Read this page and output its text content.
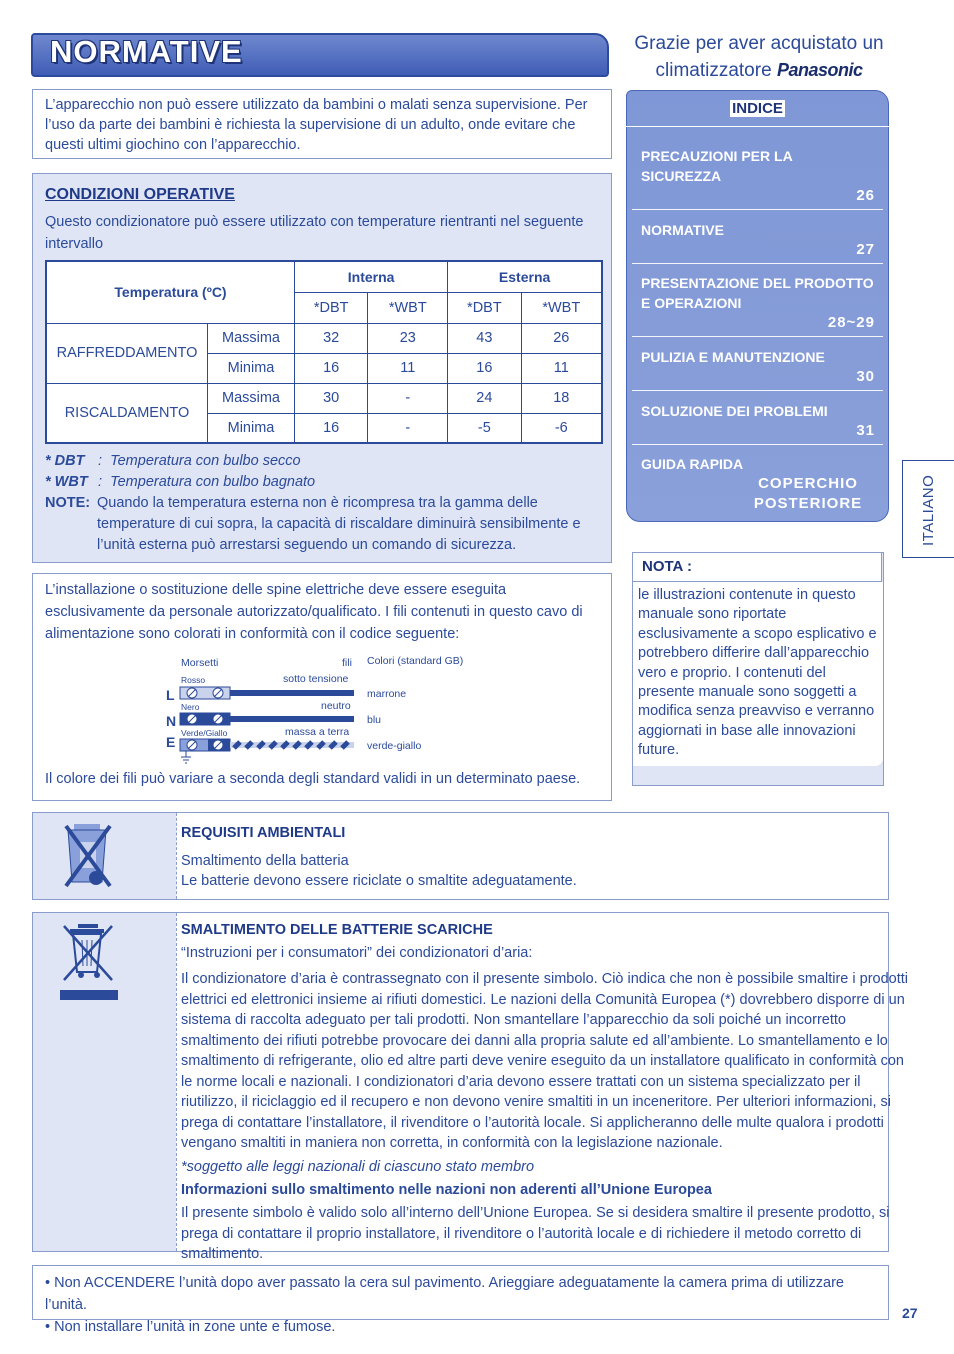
NORMATIVE	Grazie per aver acquistato un
climatizzatore Panasonic

L’apparecchio non può essere utilizzato da bambini o malati senza supervisione. Per l’uso da parte dei bambini è richiesta la supervisione di un adulto, onde evitare che questi ultimi giochino con l’apparecchio.

CONDIZIONI OPERATIVE
Questo condizionatore può essere utilizzato con temperature rientranti nel seguente intervallo
Temperatura (ºC)		Interna		Esterna	
		*DBT	*WBT	*DBT	*WBT
RAFFREDDAMENTO	Massima	32	23	43	26
	Minima	16	11	16	11
RISCALDAMENTO	Massima	30	-	24	18
	Minima	16	-	-5	-6
* DBT : Temperatura con bulbo secco
* WBT : Temperatura con bulbo bagnato
NOTE: Quando la temperatura esterna non è ricompresa tra la gamma delle temperature di cui sopra, la capacità di riscaldare diminuirà sensibilmente e l’unità esterna può arrestarsi seguendo un comando di sicurezza.
L’installazione o sostituzione delle spine elettriche deve essere eseguita esclusivamente da personale autorizzato/qualificato. I fili contenuti in questo cavo di alimentazione sono colorati in conformità con il codice seguente:
Morsetti	fili Colori (standard GB)
Rosso	sotto tensione
marrone
L
Nero	neutro
blu
N
Verde/Giallo	massa a terra
verde-giallo
E
Il colore dei fili può variare a seconda degli standard validi in un determinato paese.
INDICE
PRECAUZIONI PER LA SICUREZZA
26
NORMATIVE
27
PRESENTAZIONE DEL PRODOTTO E OPERAZIONI
28~29
PULIZIA E MANUTENZIONE
30
SOLUZIONE DEI PROBLEMI
31
GUIDA RAPIDA
COPERCHIO POSTERIORE	ITALIANO
NOTA :
le illustrazioni contenute in questo manuale sono riportate esclusivamente a scopo esplicativo e potrebbero differire dall’apparecchio vero e proprio. I contenuti del presente manuale sono soggetti a modifica senza preavviso e verranno aggiornati in base alle innovazioni future.
REQUISITI AMBIENTALI
Smaltimento della batteria
Le batterie devono essere riciclate o smaltite adeguatamente.
SMALTIMENTO DELLE BATTERIE SCARICHE
“Instruzioni per i consumatori” dei condizionatori d’aria:
Il condizionatore d’aria è contrassegnato con il presente simbolo. Ciò indica che non è possibile smaltire i prodotti elettrici ed elettronici insieme ai rifiuti domestici. Le nazioni della Comunità Europea (*) dovrebbero disporre di un sistema di raccolta adeguato per tali prodotti. Non smantellare l’apparecchio da soli poiché un incorretto smaltimento dei rifiuti potrebbe provocare dei danni alla propria salute ed all’ambiente. Lo smantellamento e lo smaltimento di refrigerante, olio ed altre parti deve venire eseguito da un installatore qualificato in conformità con le norme locali e nazionali. I condizionatori d’aria devono essere trattati con un sistema specializzato per il riutilizzo, il riciclaggio ed il recupero e non devono venire smaltiti in un inceneritore. Per ulteriori informazioni, si prega di contattare l’installatore, il rivenditore o l’autorità locale. Si applicheranno delle multe qualora i prodotti vengano smaltiti in maniera non corretta, in conformità con la legislazione nazionale.
*soggetto alle leggi nazionali di ciascuno stato membro
Informazioni sullo smaltimento nelle nazioni non aderenti all’Unione Europea
Il presente simbolo è valido solo all’interno dell’Unione Europea. Se si desidera smaltire il presente prodotto, si prega di contattare il proprio installatore, il rivenditore o l’autorità locale e di richiedere il metodo corretto di smaltimento.
• Non ACCENDERE l’unità dopo aver passato la cera sul pavimento. Arieggiare adeguatamente la camera prima di utilizzare l’unità.
• Non installare l’unità in zone unte e fumose.
27
